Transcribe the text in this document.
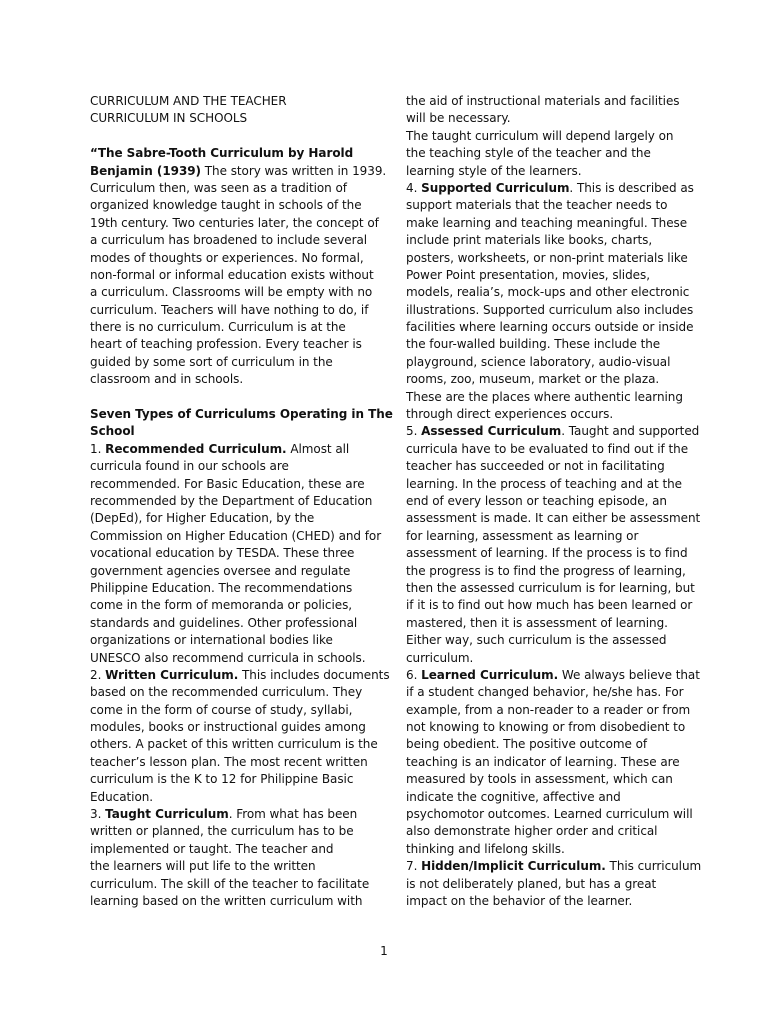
CURRICULUM AND THE TEACHER
CURRICULUM IN SCHOOLS
“The Sabre-Tooth Curriculum by Harold
Benjamin (1939) The story was written in 1939.
Curriculum then, was seen as a tradition of
organized knowledge taught in schools of the
19th century. Two centuries later, the concept of
a curriculum has broadened to include several
modes of thoughts or experiences. No formal,
non-formal or informal education exists without
a curriculum. Classrooms will be empty with no
curriculum. Teachers will have nothing to do, if
there is no curriculum. Curriculum is at the
heart of teaching profession. Every teacher is
guided by some sort of curriculum in the
classroom and in schools.
Seven Types of Curriculums Operating in The
School
1. Recommended Curriculum. Almost all
curricula found in our schools are
recommended. For Basic Education, these are
recommended by the Department of Education
(DepEd), for Higher Education, by the
Commission on Higher Education (CHED) and for
vocational education by TESDA. These three
government agencies oversee and regulate
Philippine Education. The recommendations
come in the form of memoranda or policies,
standards and guidelines. Other professional
organizations or international bodies like
UNESCO also recommend curricula in schools.
2. Written Curriculum. This includes documents
based on the recommended curriculum. They
come in the form of course of study, syllabi,
modules, books or instructional guides among
others. A packet of this written curriculum is the
teacher’s lesson plan. The most recent written
curriculum is the K to 12 for Philippine Basic
Education.
3. Taught Curriculum. From what has been
written or planned, the curriculum has to be
implemented or taught. The teacher and
the learners will put life to the written
curriculum. The skill of the teacher to facilitate
learning based on the written curriculum with
the aid of instructional materials and facilities
will be necessary.
The taught curriculum will depend largely on
the teaching style of the teacher and the
learning style of the learners.
4. Supported Curriculum. This is described as
support materials that the teacher needs to
make learning and teaching meaningful. These
include print materials like books, charts,
posters, worksheets, or non-print materials like
Power Point presentation, movies, slides,
models, realia’s, mock-ups and other electronic
illustrations. Supported curriculum also includes
facilities where learning occurs outside or inside
the four-walled building. These include the
playground, science laboratory, audio-visual
rooms, zoo, museum, market or the plaza.
These are the places where authentic learning
through direct experiences occurs.
5. Assessed Curriculum. Taught and supported
curricula have to be evaluated to find out if the
teacher has succeeded or not in facilitating
learning. In the process of teaching and at the
end of every lesson or teaching episode, an
assessment is made. It can either be assessment
for learning, assessment as learning or
assessment of learning. If the process is to find
the progress is to find the progress of learning,
then the assessed curriculum is for learning, but
if it is to find out how much has been learned or
mastered, then it is assessment of learning.
Either way, such curriculum is the assessed
curriculum.
6. Learned Curriculum. We always believe that
if a student changed behavior, he/she has. For
example, from a non-reader to a reader or from
not knowing to knowing or from disobedient to
being obedient. The positive outcome of
teaching is an indicator of learning. These are
measured by tools in assessment, which can
indicate the cognitive, affective and
psychomotor outcomes. Learned curriculum will
also demonstrate higher order and critical
thinking and lifelong skills.
7. Hidden/Implicit Curriculum. This curriculum
is not deliberately planed, but has a great
impact on the behavior of the learner.
1
